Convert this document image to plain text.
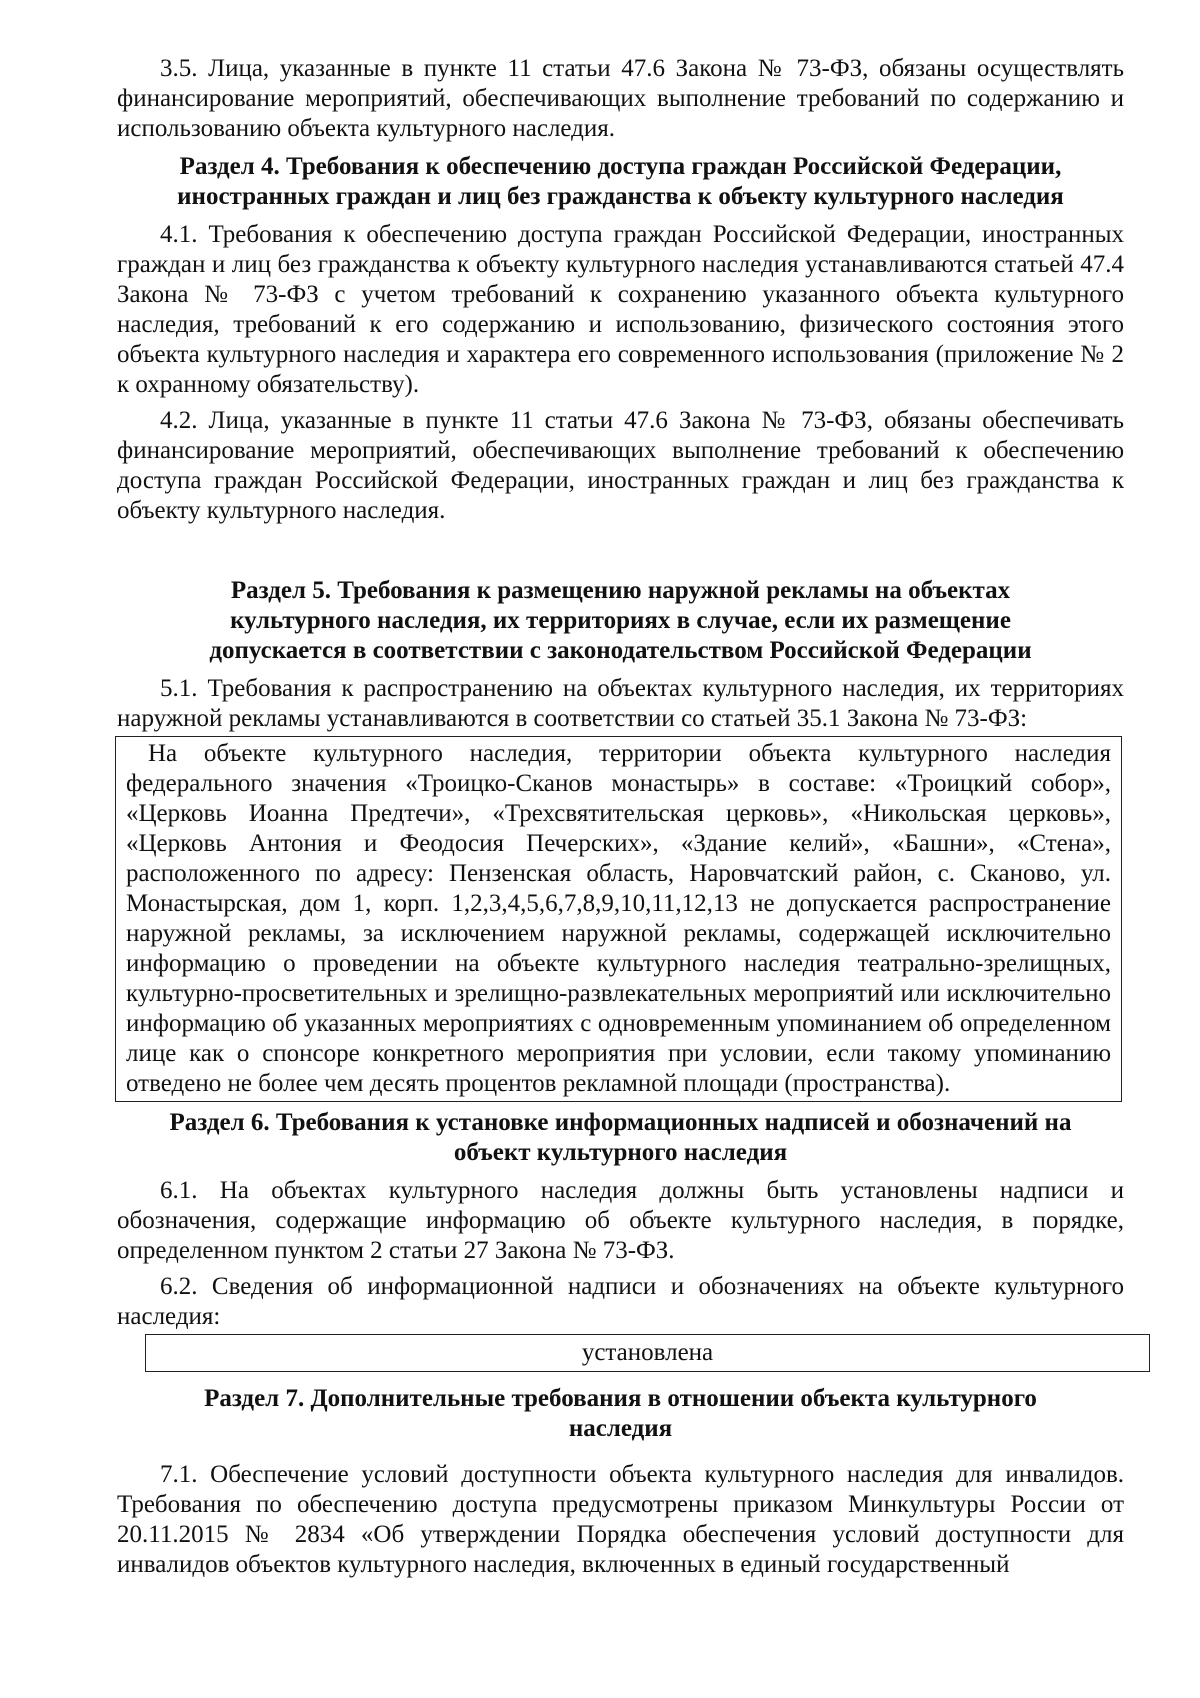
3.5. Лица, указанные в пункте 11 статьи 47.6 Закона № 73-ФЗ, обязаны осуществлять финансирование мероприятий, обеспечивающих выполнение требований по содержанию и использованию объекта культурного наследия.

Раздел 4. Требования к обеспечению доступа граждан Российской Федерации,
иностранных граждан и лиц без гражданства к объекту культурного наследия

4.1. Требования к обеспечению доступа граждан Российской Федерации, иностранных граждан и лиц без гражданства к объекту культурного наследия устанавливаются статьей 47.4 Закона № 73-ФЗ с учетом требований к сохранению указанного объекта культурного наследия, требований к его содержанию и использованию, физического состояния этого объекта культурного наследия и характера его современного использования (приложение № 2 к охранному обязательству).

4.2. Лица, указанные в пункте 11 статьи 47.6 Закона № 73-ФЗ, обязаны обеспечивать финансирование мероприятий, обеспечивающих выполнение требований к обеспечению доступа граждан Российской Федерации, иностранных граждан и лиц без гражданства к объекту культурного наследия.

Раздел 5. Требования к размещению наружной рекламы на объектах
культурного наследия, их территориях в случае, если их размещение
допускается в соответствии с законодательством Российской Федерации

5.1. Требования к распространению на объектах культурного наследия, их территориях наружной рекламы устанавливаются в соответствии со статьей 35.1 Закона № 73-ФЗ:

На объекте культурного наследия, территории объекта культурного наследия федерального значения «Троицко-Сканов монастырь» в составе: «Троицкий собор», «Церковь Иоанна Предтечи», «Трехсвятительская церковь», «Никольская церковь», «Церковь Антония и Феодосия Печерских», «Здание келий», «Башни», «Стена», расположенного по адресу: Пензенская область, Наровчатский район, с. Сканово, ул. Монастырская, дом 1, корп. 1,2,3,4,5,6,7,8,9,10,11,12,13 не допускается распространение наружной рекламы, за исключением наружной рекламы, содержащей исключительно информацию о проведении на объекте культурного наследия театрально-зрелищных, культурно-просветительных и зрелищно-развлекательных мероприятий или исключительно информацию об указанных мероприятиях с одновременным упоминанием об определенном лице как о спонсоре конкретного мероприятия при условии, если такому упоминанию отведено не более чем десять процентов рекламной площади (пространства).

Раздел 6. Требования к установке информационных надписей и обозначений на
объект культурного наследия

6.1. На объектах культурного наследия должны быть установлены надписи и обозначения, содержащие информацию об объекте культурного наследия, в порядке, определенном пунктом 2 статьи 27 Закона № 73-ФЗ.

6.2. Сведения об информационной надписи и обозначениях на объекте культурного наследия:

установлена
Раздел 7. Дополнительные требования в отношении объекта культурного
наследия

7.1. Обеспечение условий доступности объекта культурного наследия для инвалидов. Требования по обеспечению доступа предусмотрены приказом Минкультуры России от 20.11.2015 № 2834 «Об утверждении Порядка обеспечения условий доступности для инвалидов объектов культурного наследия, включенных в единый государственный
